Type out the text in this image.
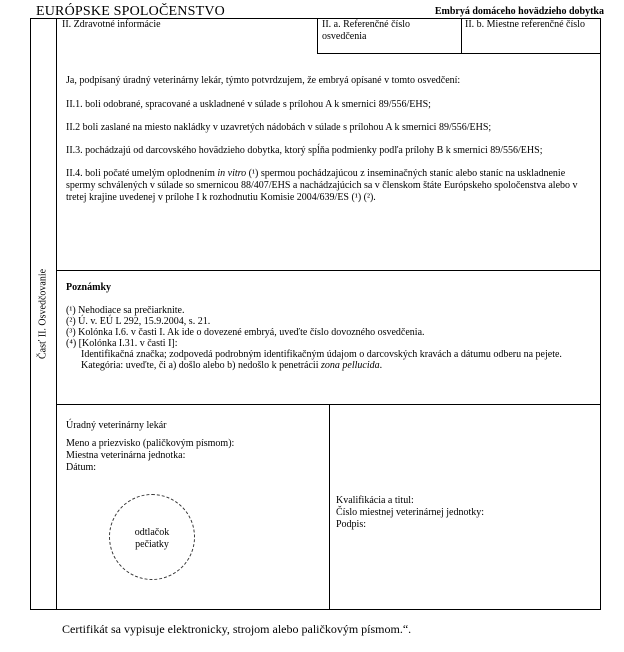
EURÓPSKE SPOLOČENSTVO	Embryá domáceho hovädzieho dobytka
Časť II. Osvedčovanie
II. Zdravotné informácie	II. a. Referenčné číslo osvedčenia
II. b. Miestne referenčné číslo
Ja, podpísaný úradný veterinárny lekár, týmto potvrdzujem, že embryá opísané v tomto osvedčení:
II.1. boli odobrané, spracované a uskladnené v súlade s prílohou A k smernici 89/556/EHS;
II.2 boli zaslané na miesto nakládky v uzavretých nádobách v súlade s prílohou A k smernici 89/556/EHS;
II.3. pochádzajú od darcovského hovädzieho dobytka, ktorý spĺňa podmienky podľa prílohy B k smernici 89/556/EHS;
II.4. boli počaté umelým oplodnením in vitro (¹) spermou pochádzajúcou z inseminačných staníc alebo staníc na uskladnenie spermy schválených v súlade so smernicou 88/407/EHS a nachádzajúcich sa v členskom štáte Európskeho spoločenstva alebo v tretej krajine uvedenej v prílohe I k rozhodnutiu Komisie 2004/639/ES (¹) (²).
Poznámky
(¹) Nehodiace sa prečiarknite.
(²) Ú. v. EÚ L 292, 15.9.2004, s. 21.
(³) Kolónka I.6. v časti I. Ak ide o dovezené embryá, uveďte číslo dovozného osvedčenia.
(⁴) [Kolónka I.31. v časti I]:
Identifikačná značka; zodpovedá podrobným identifikačným údajom o darcovských kravách a dátumu odberu na pejete.
Kategória: uveďte, či a) došlo alebo b) nedošlo k penetrácii zona pellucida.
Úradný veterinárny lekár
Meno a priezvisko (paličkovým písmom):
Miestna veterinárna jednotka:
Dátum:
odtlačok
pečiatky
Kvalifikácia a titul:
Číslo miestnej veterinárnej jednotky:
Podpis:
Certifikát sa vypisuje elektronicky, strojom alebo paličkovým písmom.“.
